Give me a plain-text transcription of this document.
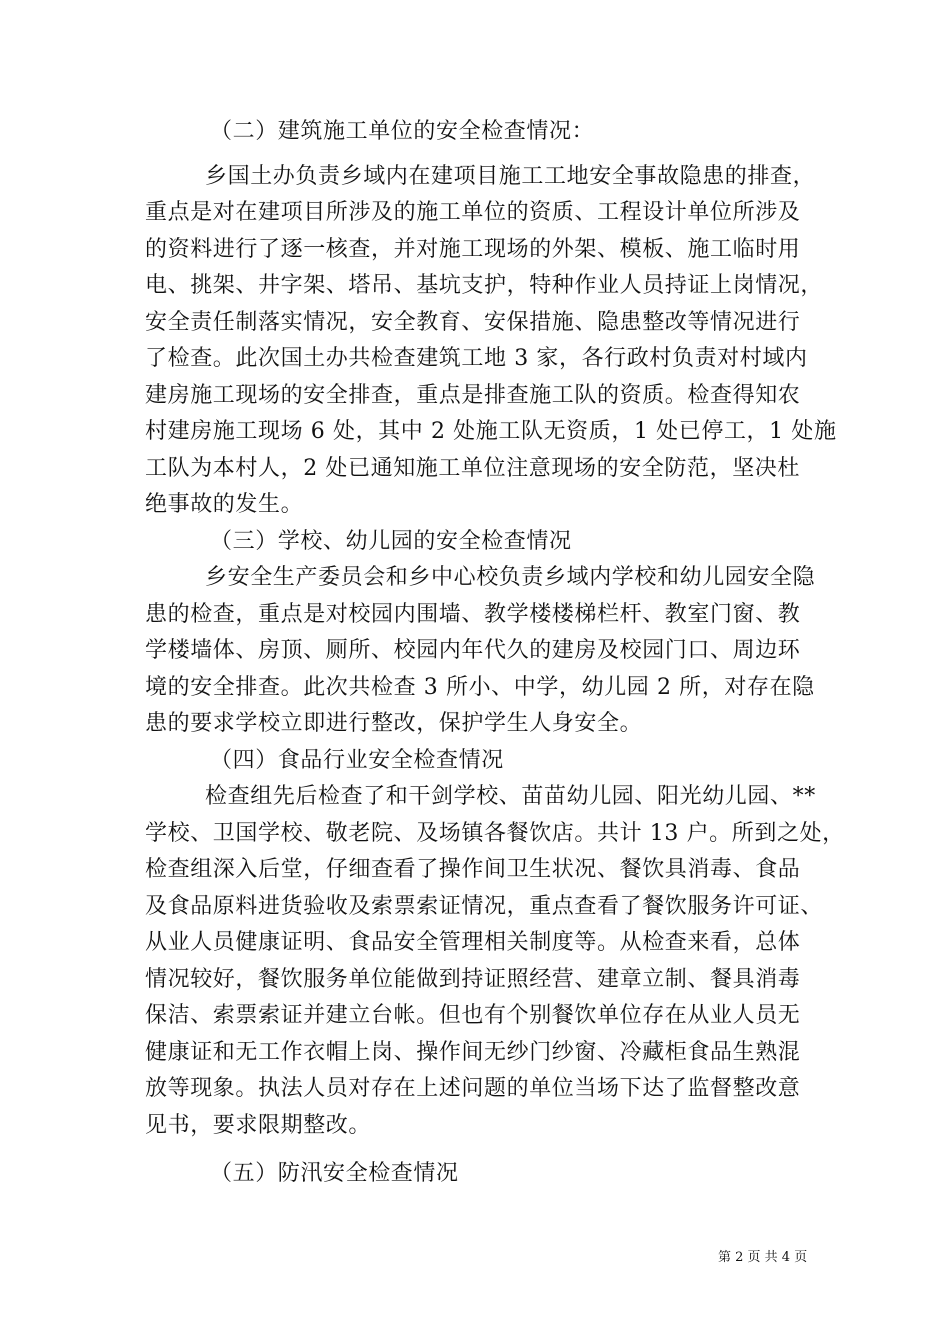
（二）建筑施工单位的安全检查情况：
乡国土办负责乡域内在建项目施工工地安全事故隐患的排查，
重点是对在建项目所涉及的施工单位的资质、工程设计单位所涉及
的资料进行了逐一核查，并对施工现场的外架、模板、施工临时用
电、挑架、井字架、塔吊、基坑支护，特种作业人员持证上岗情况，
安全责任制落实情况，安全教育、安保措施、隐患整改等情况进行
了检查。此次国土办共检查建筑工地 3 家，各行政村负责对村域内
建房施工现场的安全排查，重点是排查施工队的资质。检查得知农
村建房施工现场 6 处，其中 2 处施工队无资质，1 处已停工，1 处施
工队为本村人，2 处已通知施工单位注意现场的安全防范，坚决杜
绝事故的发生。
（三）学校、幼儿园的安全检查情况
乡安全生产委员会和乡中心校负责乡域内学校和幼儿园安全隐
患的检查，重点是对校园内围墙、教学楼楼梯栏杆、教室门窗、教
学楼墙体、房顶、厕所、校园内年代久的建房及校园门口、周边环
境的安全排查。此次共检查 3 所小、中学，幼儿园 2 所，对存在隐
患的要求学校立即进行整改，保护学生人身安全。
（四）食品行业安全检查情况
检查组先后检查了和干剑学校、苗苗幼儿园、阳光幼儿园、**
学校、卫国学校、敬老院、及场镇各餐饮店。共计 13 户。所到之处，
检查组深入后堂，仔细查看了操作间卫生状况、餐饮具消毒、食品
及食品原料进货验收及索票索证情况，重点查看了餐饮服务许可证、
从业人员健康证明、食品安全管理相关制度等。从检查来看，总体
情况较好，餐饮服务单位能做到持证照经营、建章立制、餐具消毒
保洁、索票索证并建立台帐。但也有个别餐饮单位存在从业人员无
健康证和无工作衣帽上岗、操作间无纱门纱窗、冷藏柜食品生熟混
放等现象。执法人员对存在上述问题的单位当场下达了监督整改意
见书，要求限期整改。
（五）防汛安全检查情况
第 2 页 共 4 页
